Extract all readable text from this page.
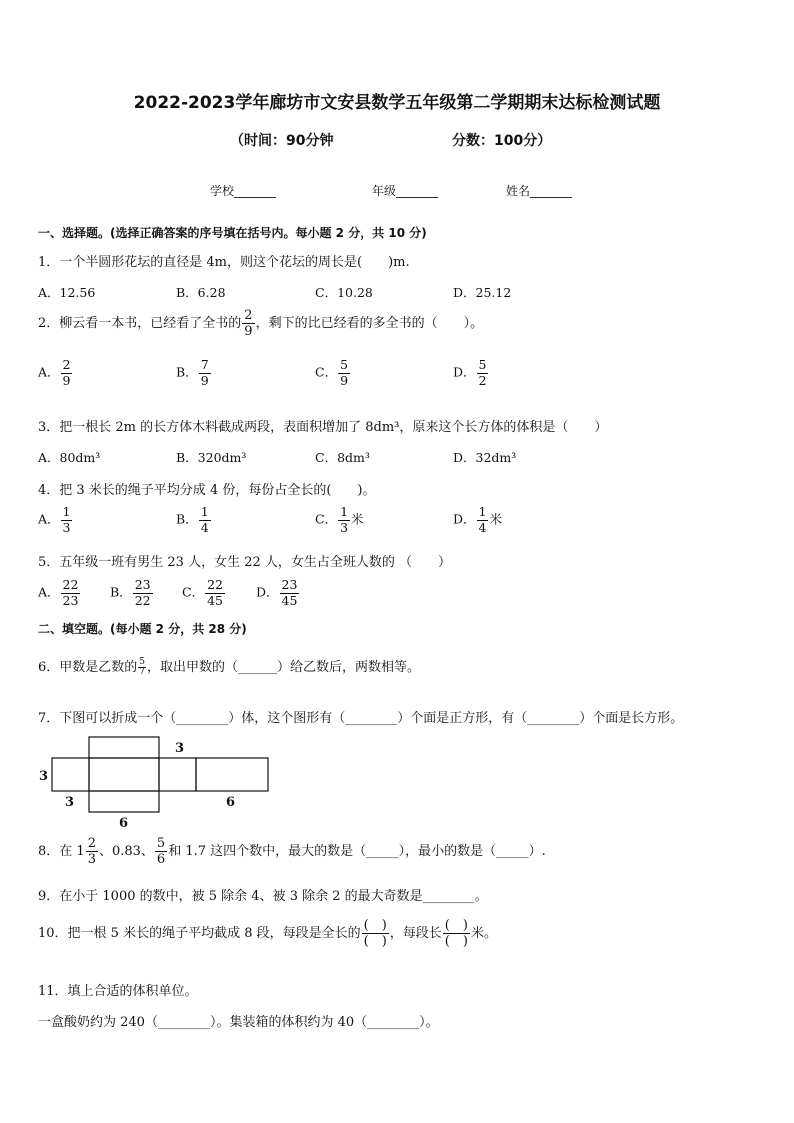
2022-2023学年廊坊市文安县数学五年级第二学期期末达标检测试题
（时间：90分钟	分数：100分）
学校_______	年级_______	姓名_______
一、选择题。(选择正确答案的序号填在括号内。每小题 2 分，共 10 分)
1．一个半圆形花坛的直径是 4m，则这个花坛的周长是(　　)m.
A．12.56	B．6.28	C．10.28	D．25.12
2．柳云看一本书，已经看了全书的 $\frac{2}{9}$ ，剩下的比已经看的多全书的（　　）。
A． $\frac{2}{9}$	B． $\frac{7}{9}$	C． $\frac{5}{9}$	D． $\frac{5}{2}$
3．把一根长 2m 的长方体木料截成两段，表面积增加了 8dm³，原来这个长方体的体积是（　　）
A．80dm³	B．320dm³	C．8dm³	D．32dm³
4．把 3 米长的绳子平均分成 4 份，每份占全长的(　　)。
A． $\frac{1}{3}$	B． $\frac{1}{4}$	C． $\frac{1}{3}$ 米	D． $\frac{1}{4}$ 米
5．五年级一班有男生 23 人，女生 22 人，女生占全班人数的 （　　）
A． $\frac{22}{23}$ B． $\frac{23}{22}$ C． $\frac{22}{45}$ D． $\frac{23}{45}$
二、填空题。(每小题 2 分，共 28 分)
6．甲数是乙数的 $\frac{5}{7}$ ，取出甲数的（______）给乙数后，两数相等。
7．下图可以折成一个（________）体，这个图形有（________）个面是正方形，有（________）个面是长方形。
3
3
3
6
6
8．在 $1 \frac{2}{3}$ 、0.83、 $\frac{5}{6}$ 和 1.7 这四个数中，最大的数是（_____），最小的数是（_____）.
9．在小于 1000 的数中，被 5 除余 4、被 3 除余 2 的最大奇数是________。
10．把一根 5 米长的绳子平均截成 8 段，每段是全长的 $\frac{( )}{( )}$ ，每段长 $\frac{( )}{( )}$ 米。
11．填上合适的体积单位。
一盒酸奶约为 240（________）。集装箱的体积约为 40（________）。
